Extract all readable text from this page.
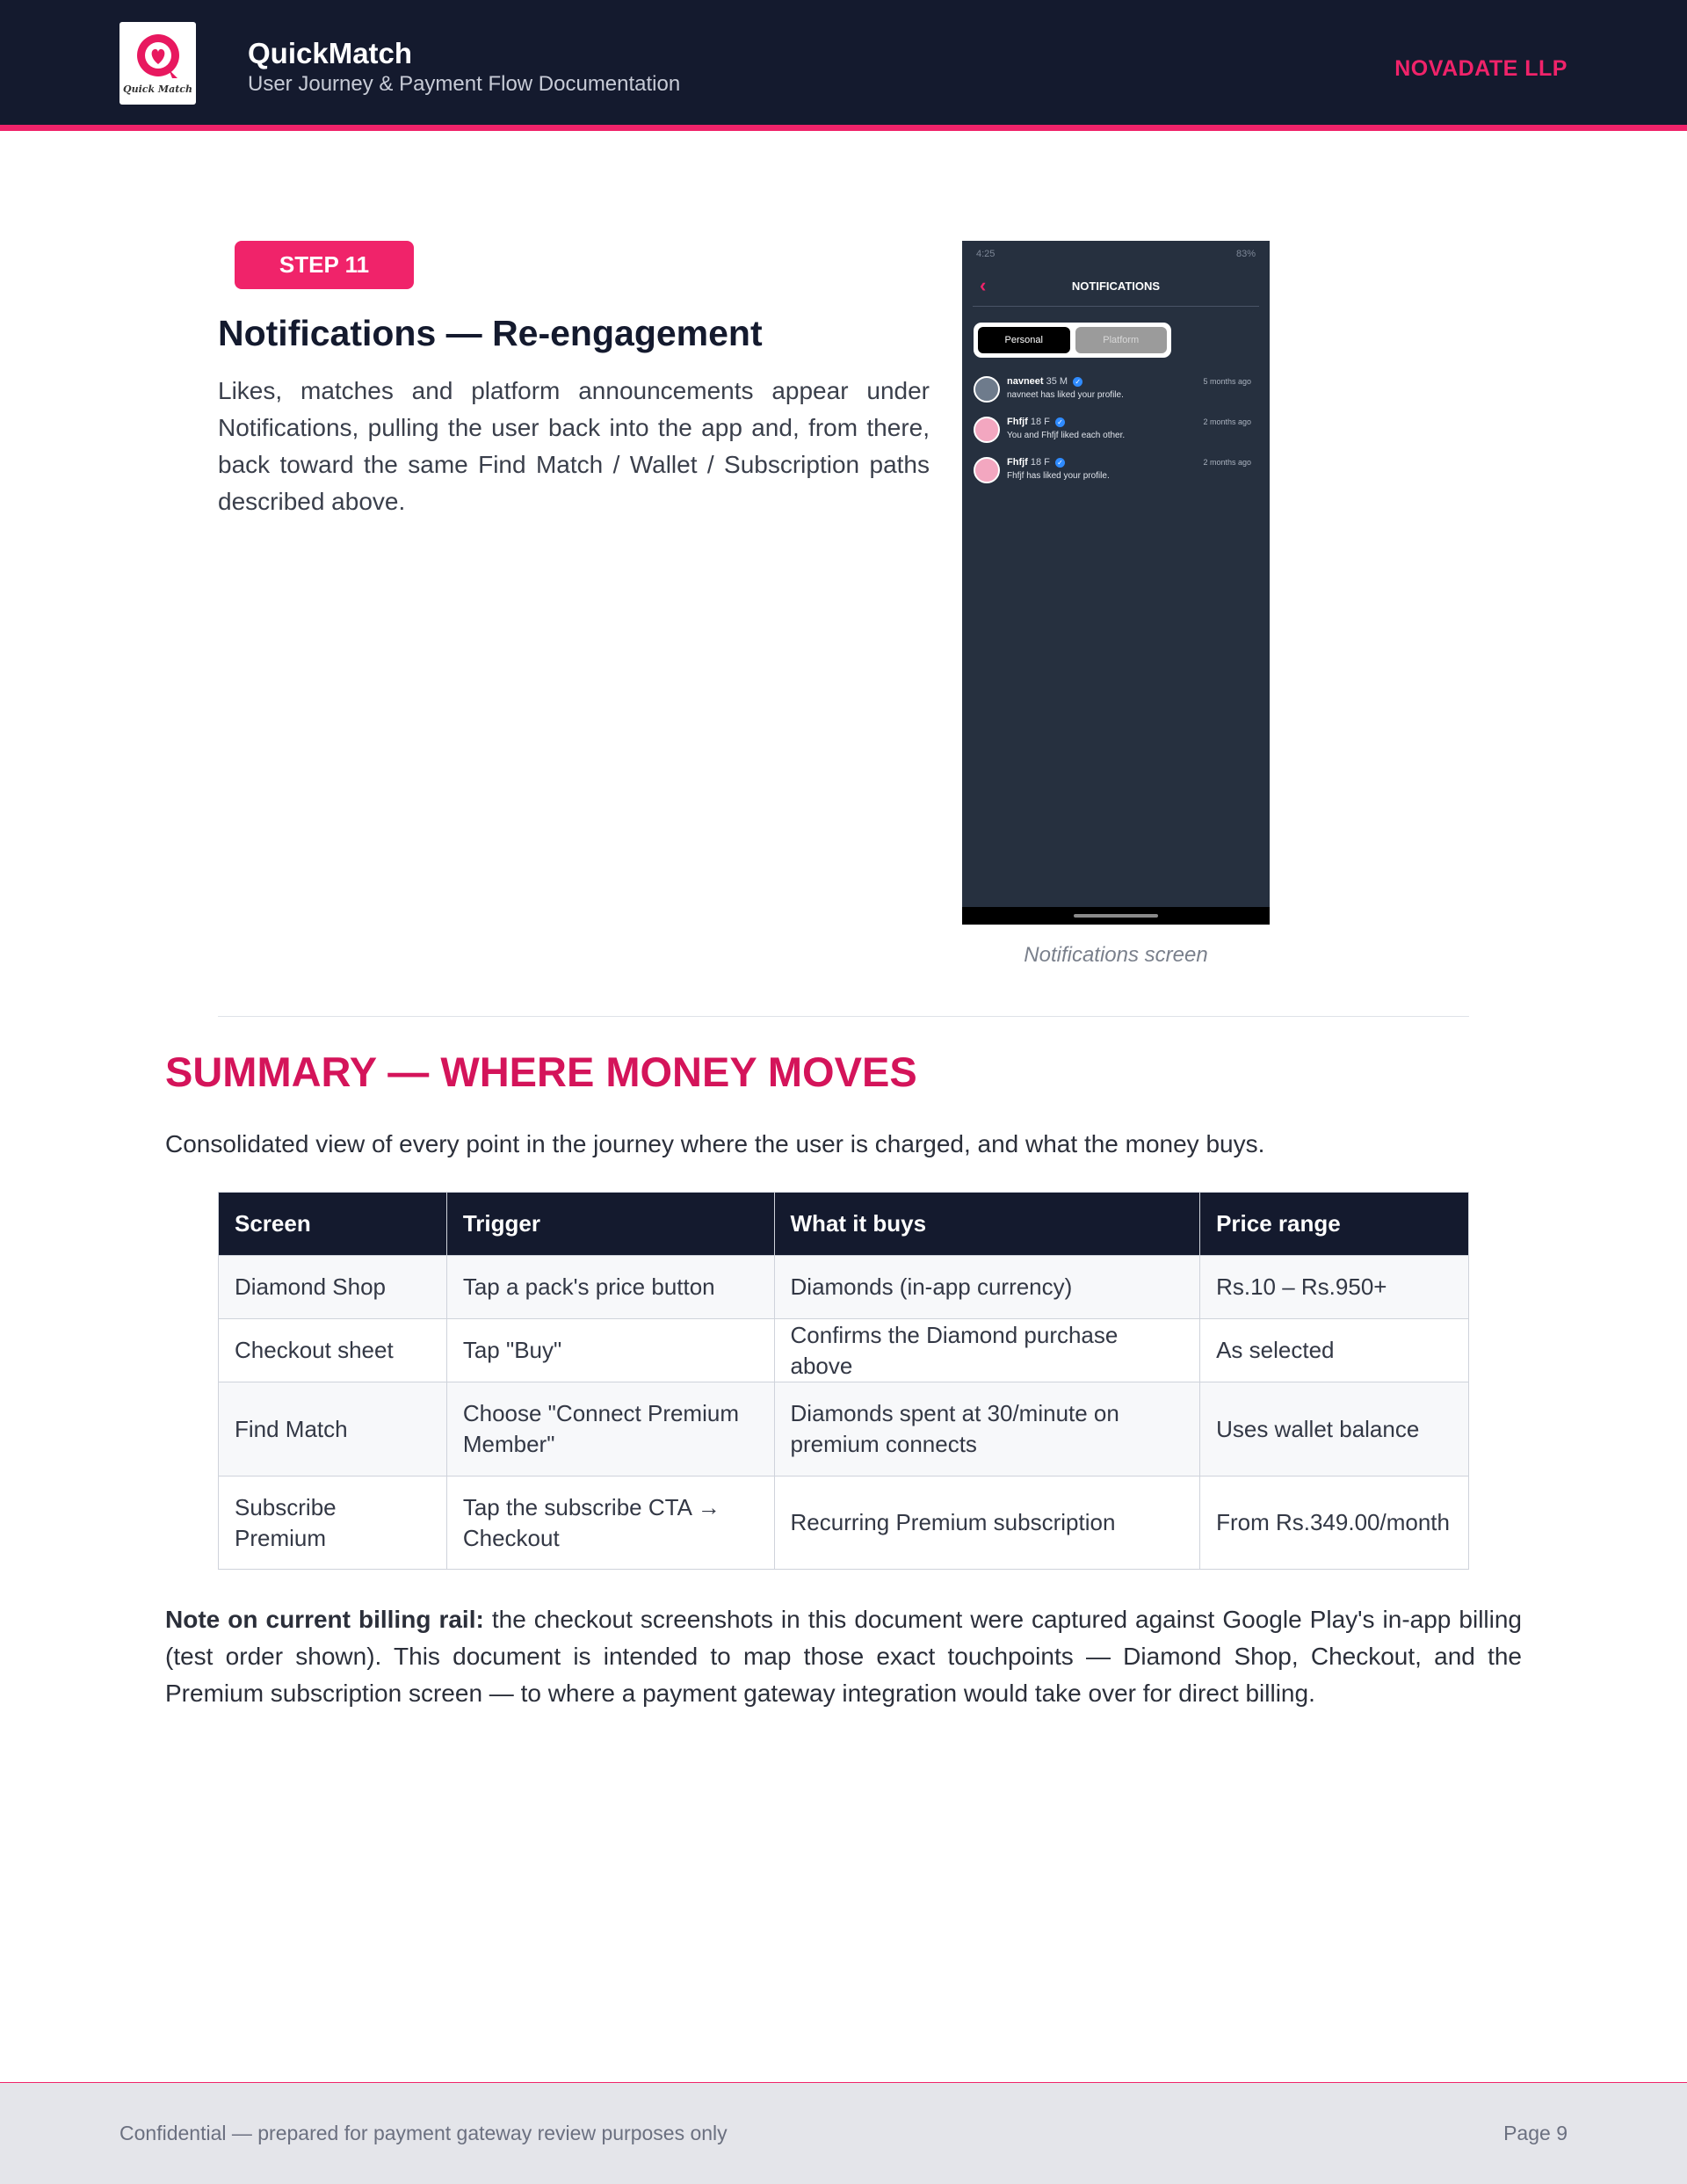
Quick Match
QuickMatch
User Journey & Payment Flow Documentation
NOVADATE LLP
STEP 11
Notifications — Re-engagement
Likes, matches and platform announcements appear under Notifications, pulling the user back into the app and, from there, back toward the same Find Match / Wallet / Subscription paths described above.
4:25	83%
‹	NOTIFICATIONS
Personal	Platform
navneet 35 M ✓
navneet has liked your profile.
5 months ago
Fhfjf 18 F ✓
You and Fhfjf liked each other.
2 months ago
Fhfjf 18 F ✓
Fhfjf has liked your profile.
2 months ago
Notifications screen
SUMMARY — WHERE MONEY MOVES
Consolidated view of every point in the journey where the user is charged, and what the money buys.
Screen	Trigger	What it buys	Price range
Diamond Shop	Tap a pack's price button	Diamonds (in-app currency)	Rs.10 – Rs.950+
Checkout sheet	Tap "Buy"	Confirms the Diamond purchase above	As selected
Find Match	Choose "Connect Premium Member"	Diamonds spent at 30/minute on premium connects	Uses wallet balance
Subscribe Premium	Tap the subscribe CTA → Checkout	Recurring Premium subscription	From Rs.349.00/month
Note on current billing rail: the checkout screenshots in this document were captured against Google Play's in-app billing (test order shown). This document is intended to map those exact touchpoints — Diamond Shop, Checkout, and the Premium subscription screen — to where a payment gateway integration would take over for direct billing.
Confidential — prepared for payment gateway review purposes only	Page 9
